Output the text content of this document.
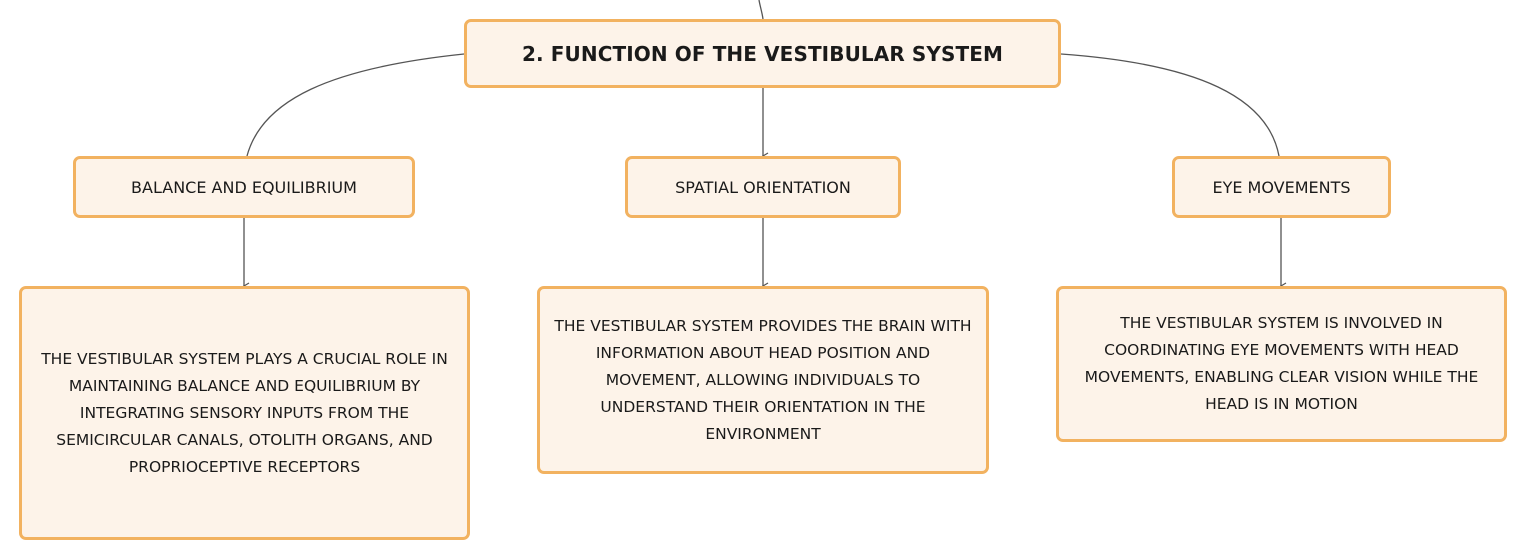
2. FUNCTION OF THE VESTIBULAR SYSTEM
BALANCE AND EQUILIBRIUM	SPATIAL ORIENTATION	EYE MOVEMENTS
THE VESTIBULAR SYSTEM PLAYS A CRUCIAL ROLE IN MAINTAINING BALANCE AND EQUILIBRIUM BY INTEGRATING SENSORY INPUTS FROM THE SEMICIRCULAR CANALS, OTOLITH ORGANS, AND PROPRIOCEPTIVE RECEPTORS
THE VESTIBULAR SYSTEM PROVIDES THE BRAIN WITH INFORMATION ABOUT HEAD POSITION AND MOVEMENT, ALLOWING INDIVIDUALS TO UNDERSTAND THEIR ORIENTATION IN THE ENVIRONMENT
THE VESTIBULAR SYSTEM IS INVOLVED IN COORDINATING EYE MOVEMENTS WITH HEAD MOVEMENTS, ENABLING CLEAR VISION WHILE THE HEAD IS IN MOTION
